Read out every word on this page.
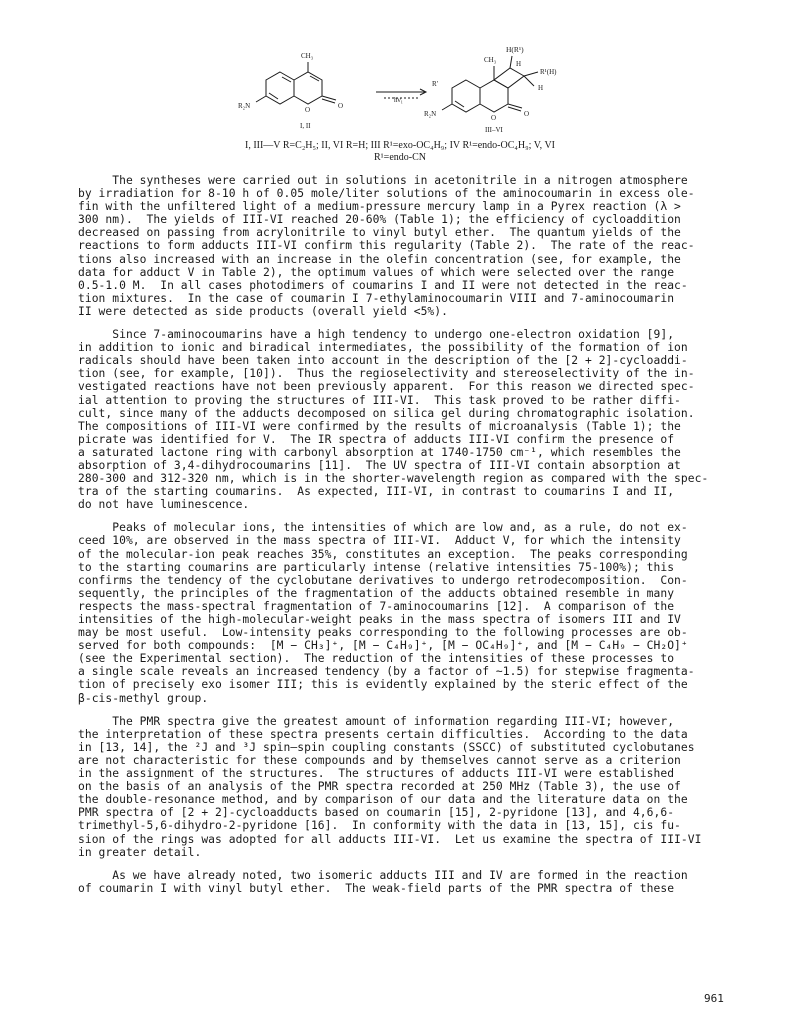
CH₃
R₂N	O	O
I, II
hν₁
R′
H(R¹)
CH₃	H
R¹(H)
H
R₂N	O	O
III–VI
I, III—V R=C₂H₅; II, VI R=H; III R¹=exo-OC₄H₉; IV R¹=endo-OC₄H₉; V, VI
R¹=endo-CN
The syntheses were carried out in solutions in acetonitrile in a nitrogen atmosphere
by irradiation for 8-10 h of 0.05 mole/liter solutions of the aminocoumarin in excess ole-
fin with the unfiltered light of a medium-pressure mercury lamp in a Pyrex reaction (λ >
300 nm).  The yields of III-VI reached 20-60% (Table 1); the efficiency of cycloaddition
decreased on passing from acrylonitrile to vinyl butyl ether.  The quantum yields of the
reactions to form adducts III-VI confirm this regularity (Table 2).  The rate of the reac-
tions also increased with an increase in the olefin concentration (see, for example, the
data for adduct V in Table 2), the optimum values of which were selected over the range
0.5-1.0 M.  In all cases photodimers of coumarins I and II were not detected in the reac-
tion mixtures.  In the case of coumarin I 7-ethylaminocoumarin VIII and 7-aminocoumarin
II were detected as side products (overall yield <5%).
Since 7-aminocoumarins have a high tendency to undergo one-electron oxidation [9],
in addition to ionic and biradical intermediates, the possibility of the formation of ion
radicals should have been taken into account in the description of the [2 + 2]-cycloaddi-
tion (see, for example, [10]).  Thus the regioselectivity and stereoselectivity of the in-
vestigated reactions have not been previously apparent.  For this reason we directed spec-
ial attention to proving the structures of III-VI.  This task proved to be rather diffi-
cult, since many of the adducts decomposed on silica gel during chromatographic isolation.
The compositions of III-VI were confirmed by the results of microanalysis (Table 1); the
picrate was identified for V.  The IR spectra of adducts III-VI confirm the presence of
a saturated lactone ring with carbonyl absorption at 1740-1750 cm⁻¹, which resembles the
absorption of 3,4-dihydrocoumarins [11].  The UV spectra of III-VI contain absorption at
280-300 and 312-320 nm, which is in the shorter-wavelength region as compared with the spec-
tra of the starting coumarins.  As expected, III-VI, in contrast to coumarins I and II,
do not have luminescence.
Peaks of molecular ions, the intensities of which are low and, as a rule, do not ex-
ceed 10%, are observed in the mass spectra of III-VI.  Adduct V, for which the intensity
of the molecular-ion peak reaches 35%, constitutes an exception.  The peaks corresponding
to the starting coumarins are particularly intense (relative intensities 75-100%); this
confirms the tendency of the cyclobutane derivatives to undergo retrodecomposition.  Con-
sequently, the principles of the fragmentation of the adducts obtained resemble in many
respects the mass-spectral fragmentation of 7-aminocoumarins [12].  A comparison of the
intensities of the high-molecular-weight peaks in the mass spectra of isomers III and IV
may be most useful.  Low-intensity peaks corresponding to the following processes are ob-
served for both compounds:  [M − CH₃]⁺, [M − C₄H₉]⁺, [M − OC₄H₉]⁺, and [M − C₄H₉ − CH₂O]⁺
(see the Experimental section).  The reduction of the intensities of these processes to
a single scale reveals an increased tendency (by a factor of ~1.5) for stepwise fragmenta-
tion of precisely exo isomer III; this is evidently explained by the steric effect of the
β-cis-methyl group.
The PMR spectra give the greatest amount of information regarding III-VI; however,
the interpretation of these spectra presents certain difficulties.  According to the data
in [13, 14], the ²J and ³J spin—spin coupling constants (SSCC) of substituted cyclobutanes
are not characteristic for these compounds and by themselves cannot serve as a criterion
in the assignment of the structures.  The structures of adducts III-VI were established
on the basis of an analysis of the PMR spectra recorded at 250 MHz (Table 3), the use of
the double-resonance method, and by comparison of our data and the literature data on the
PMR spectra of [2 + 2]-cycloadducts based on coumarin [15], 2-pyridone [13], and 4,6,6-
trimethyl-5,6-dihydro-2-pyridone [16].  In conformity with the data in [13, 15], cis fu-
sion of the rings was adopted for all adducts III-VI.  Let us examine the spectra of III-VI
in greater detail.
As we have already noted, two isomeric adducts III and IV are formed in the reaction
of coumarin I with vinyl butyl ether.  The weak-field parts of the PMR spectra of these
961
